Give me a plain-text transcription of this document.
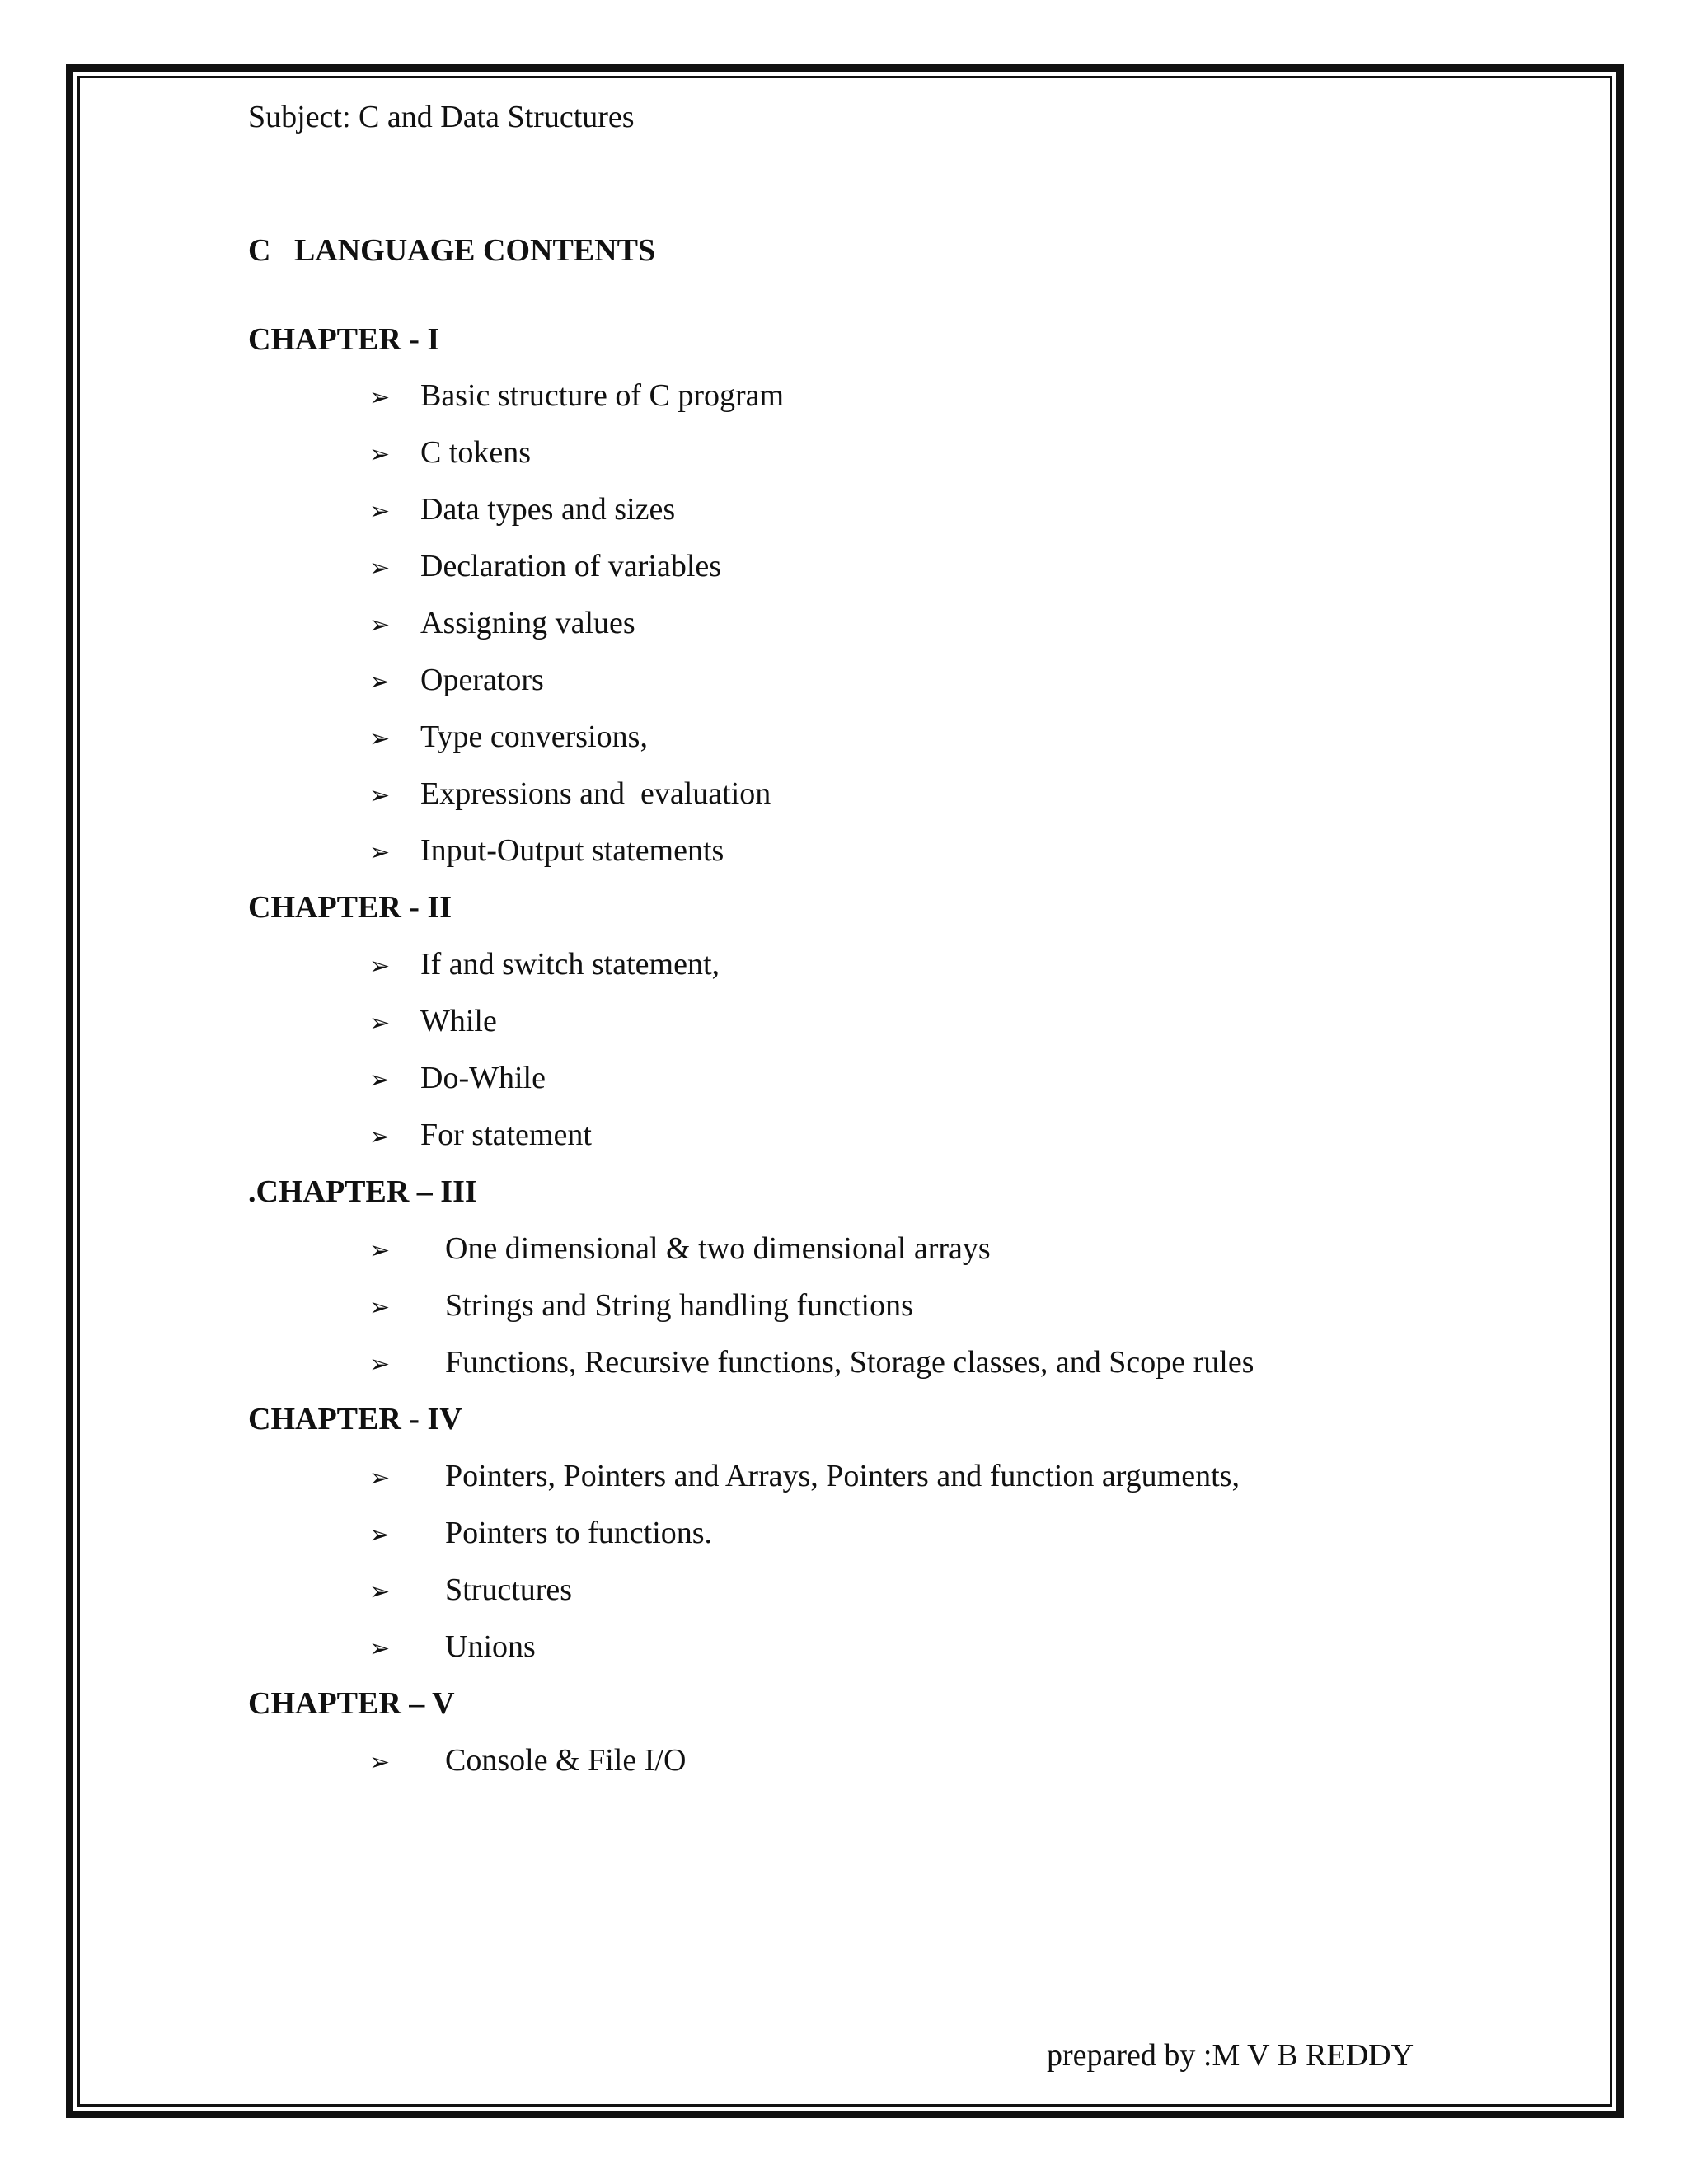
Subject: C and Data Structures
C   LANGUAGE CONTENTS
CHAPTER - I
➢ Basic structure of C program
➢ C tokens
➢ Data types and sizes
➢ Declaration of variables
➢ Assigning values
➢ Operators
➢ Type conversions,
➢ Expressions and  evaluation
➢ Input-Output statements
CHAPTER - II
➢ If and switch statement,
➢ While
➢ Do-While
➢ For statement
.CHAPTER – III
➢ One dimensional & two dimensional arrays
➢ Strings and String handling functions
➢ Functions, Recursive functions, Storage classes, and Scope rules
CHAPTER - IV
➢ Pointers, Pointers and Arrays, Pointers and function arguments,
➢ Pointers to functions.
➢ Structures
➢ Unions
CHAPTER – V
➢ Console & File I/O
prepared by :M V B REDDY
